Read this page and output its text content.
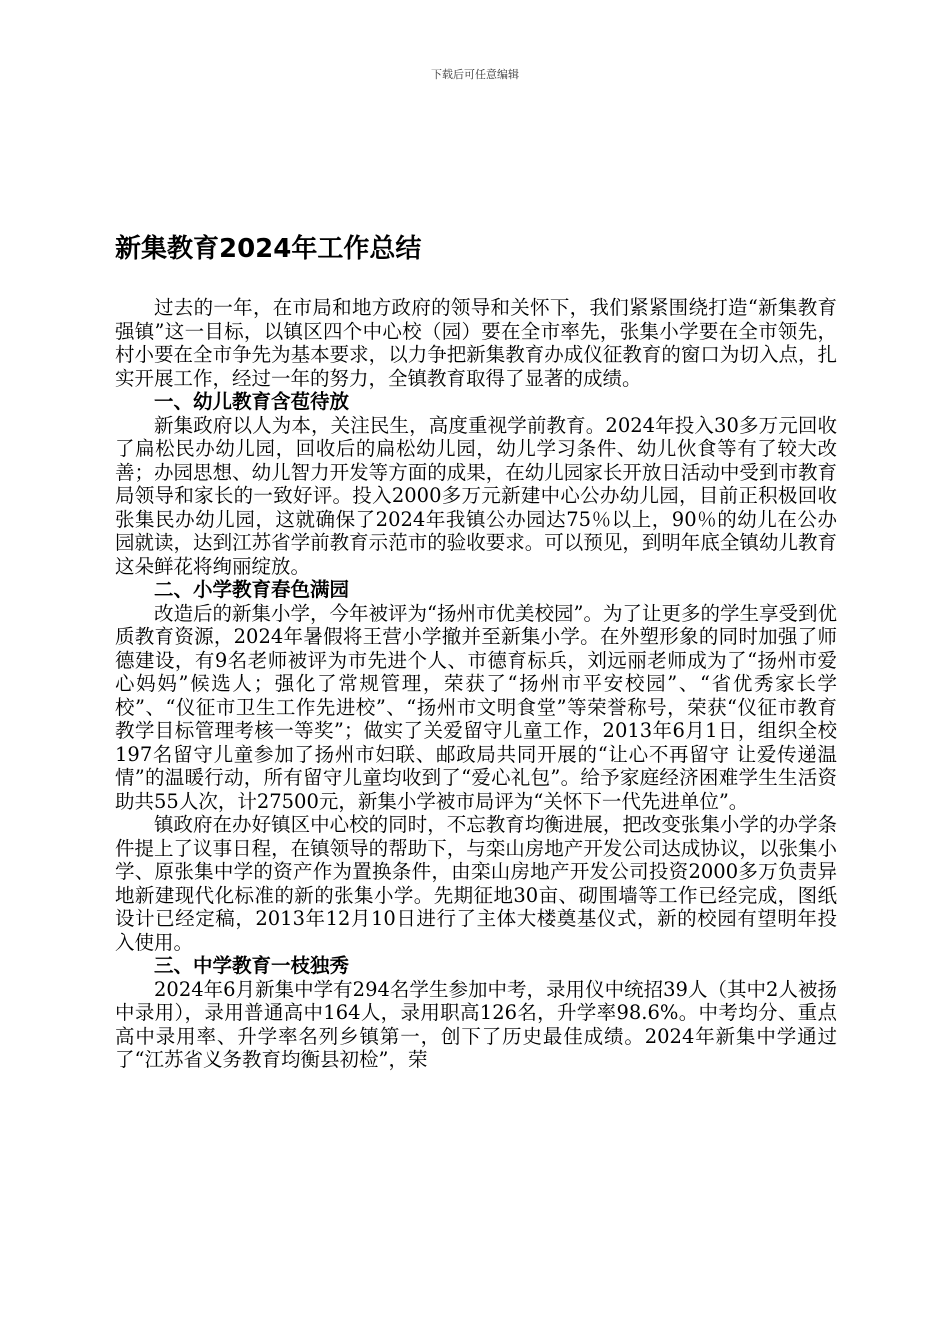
下载后可任意编辑
新集教育2024年工作总结

过去的一年，在市局和地方政府的领导和关怀下，我们紧紧围绕打造“新集教育强镇”这一目标，以镇区四个中心校（园）要在全市率先，张集小学要在全市领先，村小要在全市争先为基本要求，以力争把新集教育办成仪征教育的窗口为切入点，扎实开展工作，经过一年的努力，全镇教育取得了显著的成绩。

一、幼儿教育含苞待放

新集政府以人为本，关注民生，高度重视学前教育。2024年投入30多万元回收了扁松民办幼儿园，回收后的扁松幼儿园，幼儿学习条件、幼儿伙食等有了较大改善；办园思想、幼儿智力开发等方面的成果，在幼儿园家长开放日活动中受到市教育局领导和家长的一致好评。投入2000多万元新建中心公办幼儿园，目前正积极回收张集民办幼儿园，这就确保了2024年我镇公办园达75％以上，90％的幼儿在公办园就读，达到江苏省学前教育示范市的验收要求。可以预见，到明年底全镇幼儿教育这朵鲜花将绚丽绽放。

二、小学教育春色满园

改造后的新集小学，今年被评为“扬州市优美校园”。为了让更多的学生享受到优质教育资源，2024年暑假将王营小学撤并至新集小学。在外塑形象的同时加强了师德建设，有9名老师被评为市先进个人、市德育标兵，刘远丽老师成为了“扬州市爱心妈妈”候选人；强化了常规管理，荣获了“扬州市平安校园”、“省优秀家长学校”、“仪征市卫生工作先进校”、“扬州市文明食堂”等荣誉称号，荣获“仪征市教育教学目标管理考核一等奖”；做实了关爱留守儿童工作，2013年6月1日，组织全校197名留守儿童参加了扬州市妇联、邮政局共同开展的“让心不再留守 让爱传递温情”的温暖行动，所有留守儿童均收到了“爱心礼包”。给予家庭经济困难学生生活资助共55人次，计27500元，新集小学被市局评为“关怀下一代先进单位”。

镇政府在办好镇区中心校的同时，不忘教育均衡进展，把改变张集小学的办学条件提上了议事日程，在镇领导的帮助下，与栾山房地产开发公司达成协议，以张集小学、原张集中学的资产作为置换条件，由栾山房地产开发公司投资2000多万负责异地新建现代化标准的新的张集小学。先期征地30亩、砌围墙等工作已经完成，图纸设计已经定稿，2013年12月10日进行了主体大楼奠基仪式，新的校园有望明年投入使用。

三、中学教育一枝独秀

2024年6月新集中学有294名学生参加中考，录用仪中统招39人（其中2人被扬中录用），录用普通高中164人，录用职高126名，升学率98.6%。中考均分、重点高中录用率、升学率名列乡镇第一，创下了历史最佳成绩。2024年新集中学通过了“江苏省义务教育均衡县初检”，荣
